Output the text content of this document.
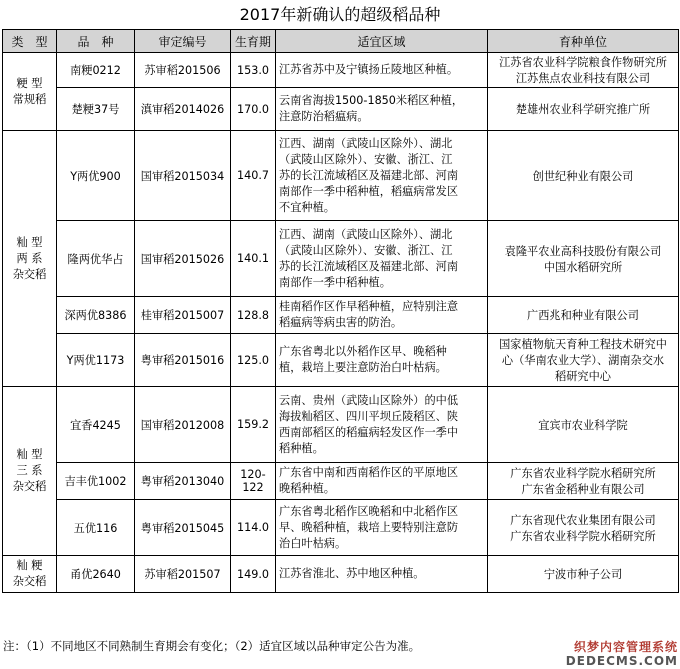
2017年新确认的超级稻品种
类　型	品　种	审定编号	生育期	适宜区域	育种单位
粳 型
常规稻	南粳0212	苏审稻201506	153.0	江苏省苏中及宁镇扬丘陵地区种植。	江苏省农业科学院粮食作物研究所
江苏焦点农业科技有限公司
	楚粳37号	滇审稻2014026	170.0	云南省海拔1500-1850米稻区种植，
注意防治稻瘟病。	楚雄州农业科学研究推广所
籼 型
两 系
杂交稻	Y两优900	国审稻2015034	140.7	江西、湖南（武陵山区除外）、湖北
（武陵山区除外）、安徽、浙江、江
苏的长江流域稻区及福建北部、河南
南部作一季中稻种植，稻瘟病常发区
不宜种植。	创世纪种业有限公司
	隆两优华占	国审稻2015026	140.1	江西、湖南（武陵山区除外）、湖北
（武陵山区除外）、安徽、浙江、江
苏的长江流域稻区及福建北部、河南
南部作一季中稻种植。	袁隆平农业高科技股份有限公司
中国水稻研究所
	深两优8386	桂审稻2015007	128.8	桂南稻作区作早稻种植，应特别注意
稻瘟病等病虫害的防治。	广西兆和种业有限公司
	Y两优1173	粤审稻2015016	125.0	广东省粤北以外稻作区早、晚稻种
植，栽培上要注意防治白叶枯病。	国家植物航天育种工程技术研究中
心（华南农业大学）、湖南杂交水
稻研究中心
籼 型
三 系
杂交稻	宜香4245	国审稻2012008	159.2	云南、贵州（武陵山区除外）的中低
海拔籼稻区、四川平坝丘陵稻区、陕
西南部稻区的稻瘟病轻发区作一季中
稻种植。	宜宾市农业科学院
	吉丰优1002	粤审稻2013040	120-
122	广东省中南和西南稻作区的平原地区
晚稻种植。	广东省农业科学院水稻研究所
广东省金稻种业有限公司
	五优116	粤审稻2015045	114.0	广东省粤北稻作区晚稻和中北稻作区
早、晚稻种植，栽培上要特别注意防
治白叶枯病。	广东省现代农业集团有限公司
广东省农业科学院水稻研究所
籼 粳
杂交稻	甬优2640	苏审稻201507	149.0	江苏省淮北、苏中地区种植。	宁波市种子公司
注：（1）不同地区不同熟制生育期会有变化；（2）适宜区域以品种审定公告为准。	织梦内容管理系统
DEDECMS.COM
